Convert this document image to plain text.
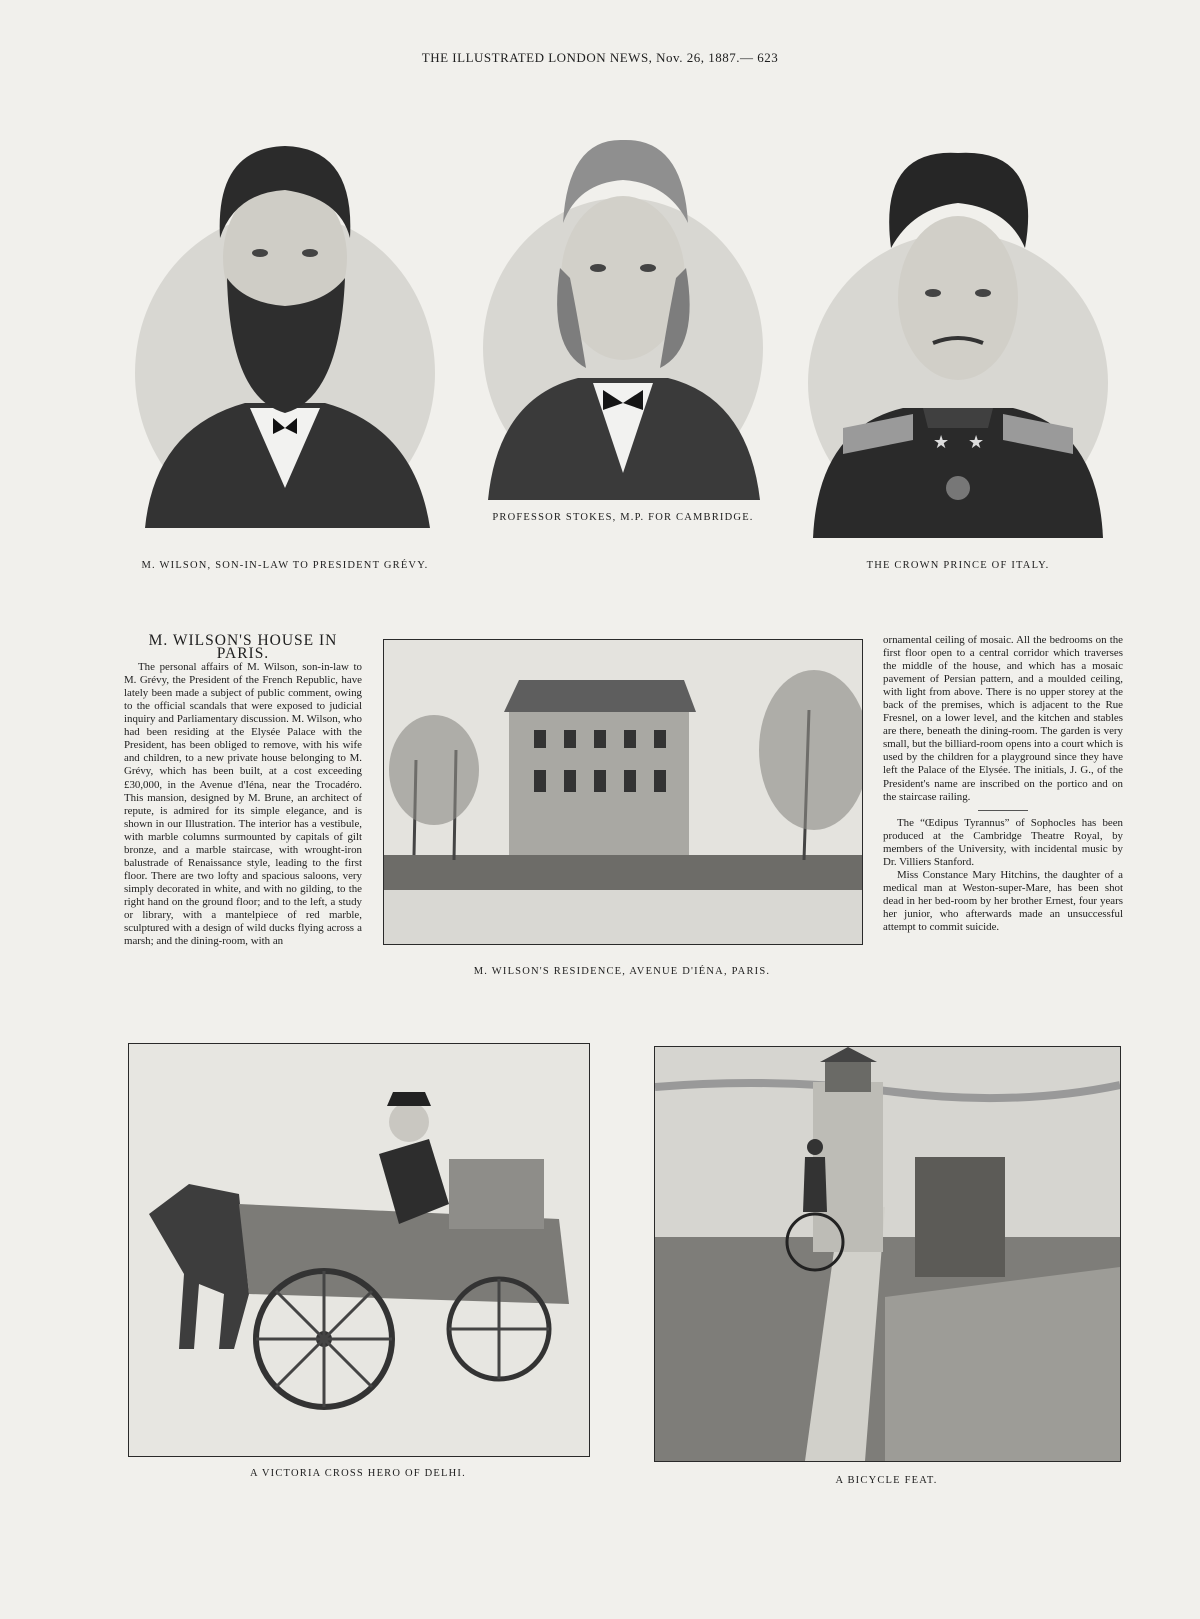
THE ILLUSTRATED LONDON NEWS, Nov. 26, 1887.— 623
M. WILSON, SON-IN-LAW TO PRESIDENT GRÉVY.
PROFESSOR STOKES, M.P. FOR CAMBRIDGE.
★ ★
THE CROWN PRINCE OF ITALY.
M. WILSON'S HOUSE IN PARIS.

The personal affairs of M. Wilson, son-in-law to M. Grévy, the President of the French Republic, have lately been made a subject of public comment, owing to the official scandals that were exposed to judicial inquiry and Parliamentary discussion. M. Wilson, who had been residing at the Elysée Palace with the President, has been obliged to remove, with his wife and children, to a new private house belonging to M. Grévy, which has been built, at a cost exceeding £30,000, in the Avenue d'Iéna, near the Trocadéro. This mansion, designed by M. Brune, an architect of repute, is admired for its simple elegance, and is shown in our Illustration. The interior has a vestibule, with marble columns surmounted by capitals of gilt bronze, and a marble staircase, with wrought-iron balustrade of Renaissance style, leading to the first floor. There are two lofty and spacious saloons, very simply decorated in white, and with no gilding, to the right hand on the ground floor; and to the left, a study or library, with a mantelpiece of red marble, sculptured with a design of wild ducks flying across a marsh; and the dining-room, with an

M. WILSON'S RESIDENCE, AVENUE D'IÉNA, PARIS.

ornamental ceiling of mosaic. All the bedrooms on the first floor open to a central corridor which traverses the middle of the house, and which has a mosaic pavement of Persian pattern, and a moulded ceiling, with light from above. There is no upper storey at the back of the premises, which is adjacent to the Rue Fresnel, on a lower level, and the kitchen and stables are there, beneath the dining-room. The garden is very small, but the billiard-room opens into a court which is used by the children for a playground since they have left the Palace of the Elysée. The initials, J. G., of the President's name are inscribed on the portico and on the staircase railing.

The “Œdipus Tyrannus” of Sophocles has been produced at the Cambridge Theatre Royal, by members of the University, with incidental music by Dr. Villiers Stanford.

Miss Constance Mary Hitchins, the daughter of a medical man at Weston-super-Mare, has been shot dead in her bed-room by her brother Ernest, four years her junior, who afterwards made an unsuccessful attempt to commit suicide.

A VICTORIA CROSS HERO OF DELHI.
A BICYCLE FEAT.
